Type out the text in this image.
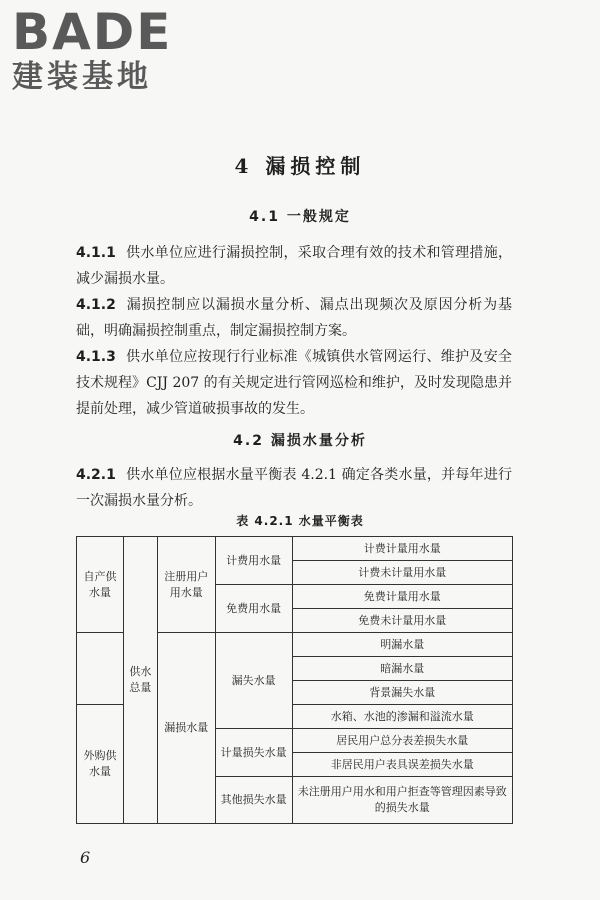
BADE
建装基地
4 漏损控制
4.1 一般规定
4.1.1 供水单位应进行漏损控制，采取合理有效的技术和管理措施，减少漏损水量。
4.1.2 漏损控制应以漏损水量分析、漏点出现频次及原因分析为基础，明确漏损控制重点，制定漏损控制方案。
4.1.3 供水单位应按现行行业标准《城镇供水管网运行、维护及安全技术规程》CJJ 207 的有关规定进行管网巡检和维护，及时发现隐患并提前处理，减少管道破损事故的发生。
4.2 漏损水量分析
4.2.1 供水单位应根据水量平衡表 4.2.1 确定各类水量，并每年进行一次漏损水量分析。
表 4.2.1 水量平衡表
自产供水量	供水总量	注册用户用水量	计费用水量	计费计量用水量
				计费未计量用水量
			免费用水量	免费计量用水量
				免费未计量用水量
		漏损水量	漏失水量	明漏水量
				暗漏水量
				背景漏失水量
外购供水量				水箱、水池的渗漏和溢流水量
			计量损失水量	居民用户总分表差损失水量
				非居民用户表具误差损失水量
			其他损失水量	未注册用户用水和用户拒查等管理因素导致的损失水量

6
